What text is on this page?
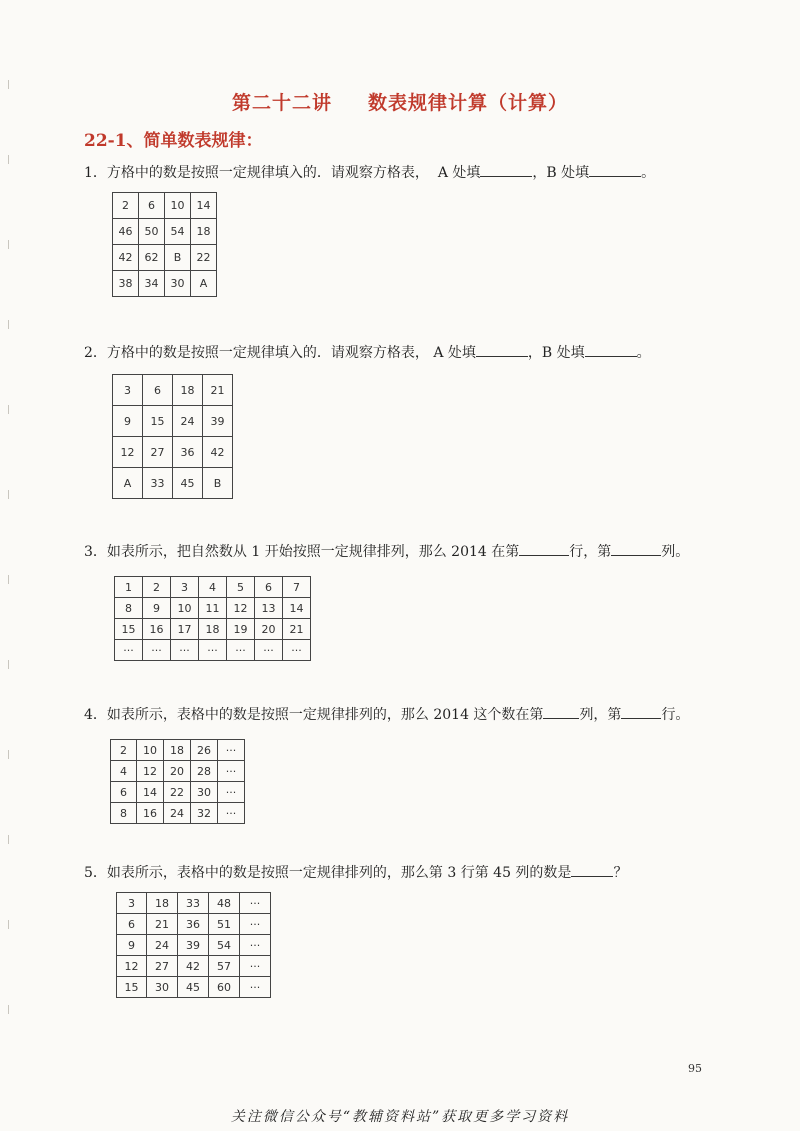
第二十二讲 数表规律计算（计算）
22-1、简单数表规律：
1．方格中的数是按照一定规律填入的．请观察方格表， A 处填	，B 处填	。
2	6	10	14
46	50	54	18
42	62	B	22
38	34	30	A
2．方格中的数是按照一定规律填入的．请观察方格表， A 处填	，B 处填	。
3	6	18	21
9	15	24	39
12	27	36	42
A	33	45	B
3．如表所示，把自然数从 1 开始按照一定规律排列，那么 2014 在第	行，第	列。
1	2	3	4	5	6	7
8	9	10	11	12	13	14
15	16	17	18	19	20	21
···	···	···	···	···	···	···
4．如表所示，表格中的数是按照一定规律排列的，那么 2014 这个数在第	列，第	行。
2	10	18	26	···
4	12	20	28	···
6	14	22	30	···
8	16	24	32	···
5．如表所示，表格中的数是按照一定规律排列的，那么第 3 行第 45 列的数是	？
3	18	33	48	···
6	21	36	51	···
9	24	39	54	···
12	27	42	57	···
15	30	45	60	···
95
关注微信公众号“教辅资料站”获取更多学习资料
